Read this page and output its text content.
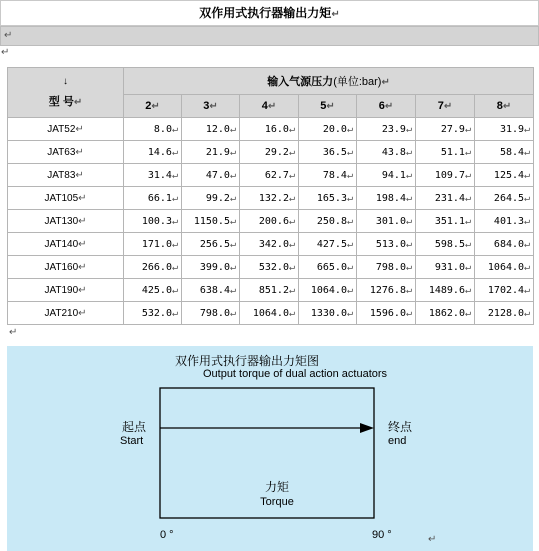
双作用式执行器输出力矩↵
↵
↵
↓
型 号↵	输入气源压力(单位:bar)↵						
	2↵	3↵	4↵	5↵	6↵	7↵	8↵
JAT52↵	8.0↵	12.0↵	16.0↵	20.0↵	23.9↵	27.9↵	31.9↵
JAT63↵	14.6↵	21.9↵	29.2↵	36.5↵	43.8↵	51.1↵	58.4↵
JAT83↵	31.4↵	47.0↵	62.7↵	78.4↵	94.1↵	109.7↵	125.4↵
JAT105↵	66.1↵	99.2↵	132.2↵	165.3↵	198.4↵	231.4↵	264.5↵
JAT130↵	100.3↵	1150.5↵	200.6↵	250.8↵	301.0↵	351.1↵	401.3↵
JAT140↵	171.0↵	256.5↵	342.0↵	427.5↵	513.0↵	598.5↵	684.0↵
JAT160↵	266.0↵	399.0↵	532.0↵	665.0↵	798.0↵	931.0↵	1064.0↵
JAT190↵	425.0↵	638.4↵	851.2↵	1064.0↵	1276.8↵	1489.6↵	1702.4↵
JAT210↵	532.0↵	798.0↵	1064.0↵	1330.0↵	1596.0↵	1862.0↵	2128.0↵
↵
双作用式执行器输出力矩图
Output torque of dual action actuators
起点
Start
终点
end
力矩
Torque
0 °	90 °	↵
